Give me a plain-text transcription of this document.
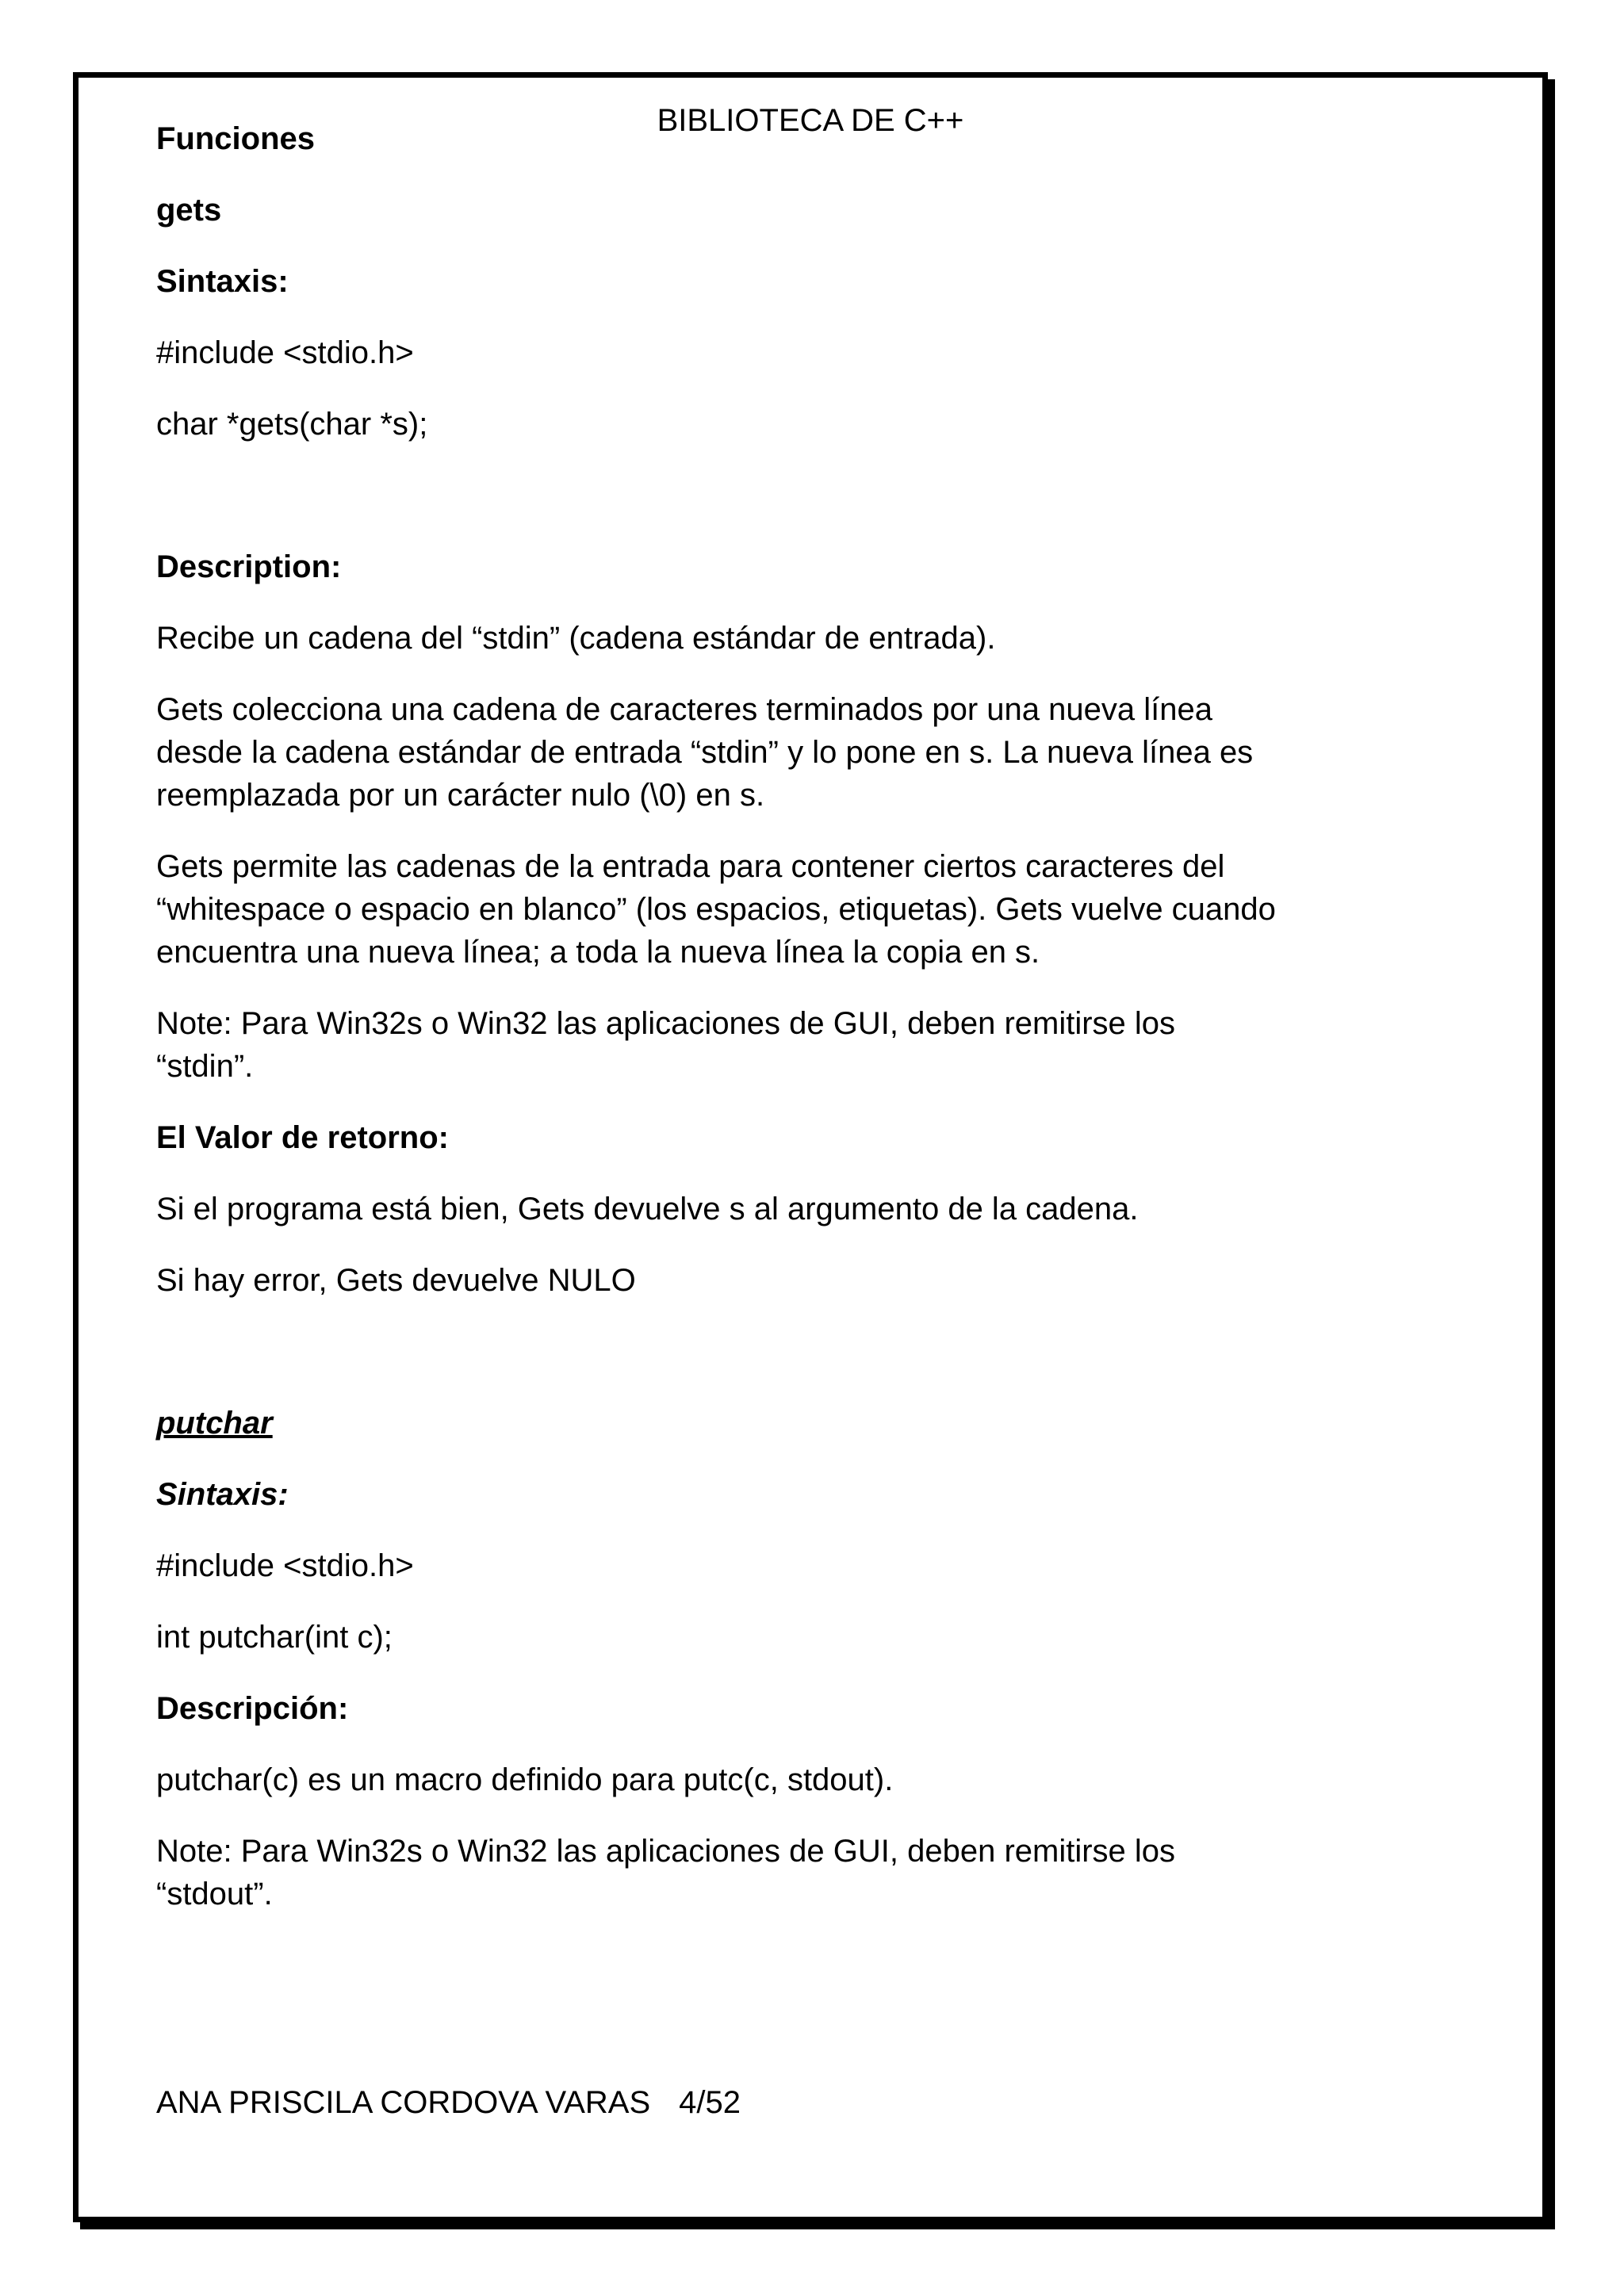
BIBLIOTECA DE C++
Funciones
gets
Sintaxis:
#include <stdio.h>
char *gets(char *s);
Description:
Recibe un cadena del “stdin” (cadena estándar de entrada).
Gets colecciona una cadena de caracteres terminados por una nueva línea
desde la cadena estándar de entrada “stdin” y lo pone en s. La nueva línea es
reemplazada por un carácter nulo (\0) en s.
Gets permite las cadenas de la entrada para contener ciertos caracteres del
“whitespace o espacio en blanco” (los espacios, etiquetas). Gets vuelve cuando
encuentra una nueva línea; a toda la nueva línea la copia en s.
Note: Para Win32s o Win32 las aplicaciones de GUI, deben remitirse los
“stdin”.
El Valor de retorno:
Si el programa está bien, Gets devuelve s al argumento de la cadena.
Si hay error, Gets devuelve NULO
putchar
Sintaxis:
#include <stdio.h>
int putchar(int c);
Descripción:
putchar(c) es un macro definido para putc(c, stdout).
Note: Para Win32s o Win32 las aplicaciones de GUI, deben remitirse los
“stdout”.
ANA PRISCILA CORDOVA VARAS 4/52
